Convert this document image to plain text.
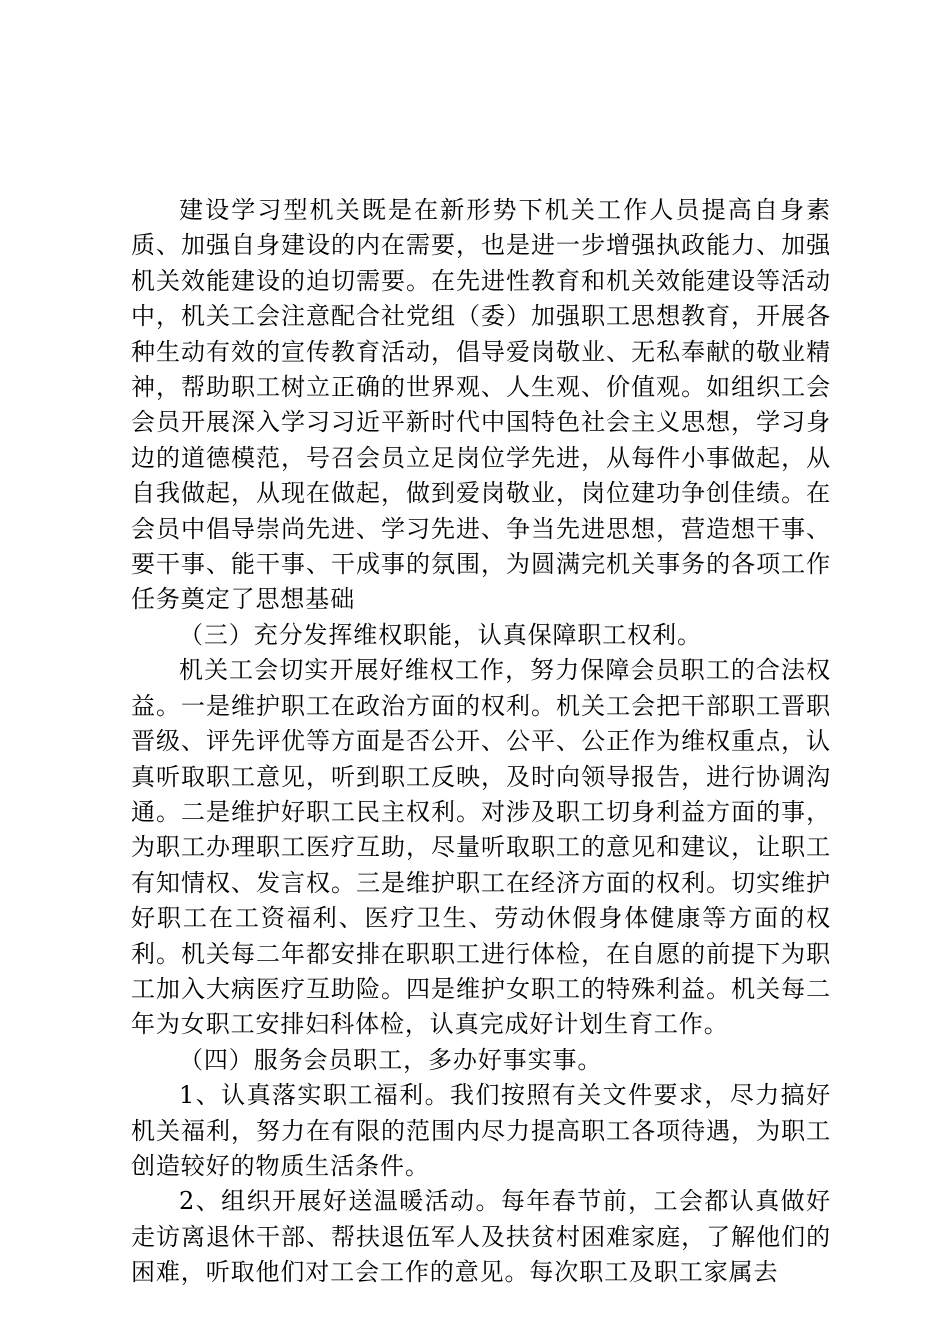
建设学习型机关既是在新形势下机关工作人员提高自身素质、加强自身建设的内在需要，也是进一步增强执政能力、加强机关效能建设的迫切需要。在先进性教育和机关效能建设等活动中，机关工会注意配合社党组（委）加强职工思想教育，开展各种生动有效的宣传教育活动，倡导爱岗敬业、无私奉献的敬业精神，帮助职工树立正确的世界观、人生观、价值观。如组织工会会员开展深入学习习近平新时代中国特色社会主义思想，学习身边的道德模范，号召会员立足岗位学先进，从每件小事做起，从自我做起，从现在做起，做到爱岗敬业，岗位建功争创佳绩。在会员中倡导崇尚先进、学习先进、争当先进思想，营造想干事、要干事、能干事、干成事的氛围，为圆满完机关事务的各项工作任务奠定了思想基础

（三）充分发挥维权职能，认真保障职工权利。

机关工会切实开展好维权工作，努力保障会员职工的合法权益。一是维护职工在政治方面的权利。机关工会把干部职工晋职晋级、评先评优等方面是否公开、公平、公正作为维权重点，认真听取职工意见，听到职工反映，及时向领导报告，进行协调沟通。二是维护好职工民主权利。对涉及职工切身利益方面的事，为职工办理职工医疗互助，尽量听取职工的意见和建议，让职工有知情权、发言权。三是维护职工在经济方面的权利。切实维护好职工在工资福利、医疗卫生、劳动休假身体健康等方面的权利。机关每二年都安排在职职工进行体检，在自愿的前提下为职工加入大病医疗互助险。四是维护女职工的特殊利益。机关每二年为女职工安排妇科体检，认真完成好计划生育工作。

（四）服务会员职工，多办好事实事。

1、认真落实职工福利。我们按照有关文件要求，尽力搞好机关福利，努力在有限的范围内尽力提高职工各项待遇，为职工创造较好的物质生活条件。

2、组织开展好送温暖活动。每年春节前，工会都认真做好走访离退休干部、帮扶退伍军人及扶贫村困难家庭，了解他们的困难，听取他们对工会工作的意见。每次职工及职工家属去
